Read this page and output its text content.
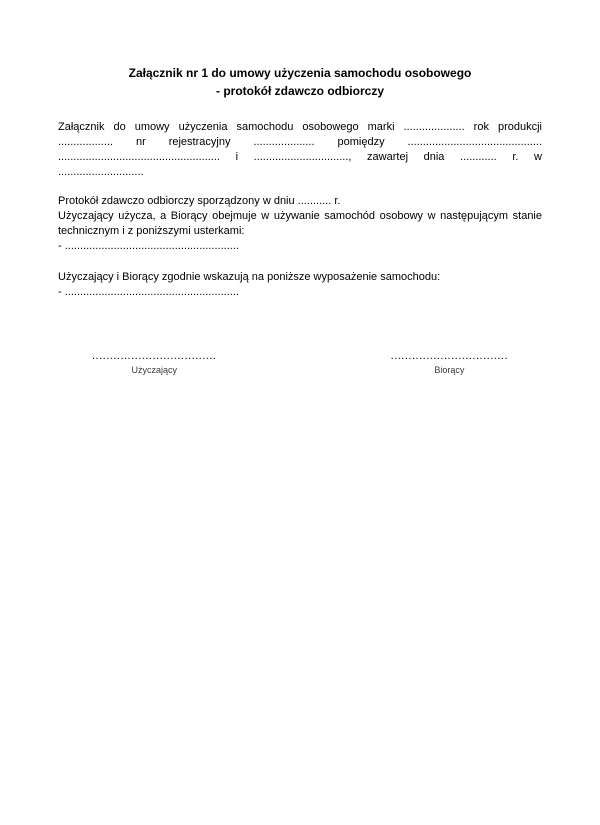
Załącznik nr 1 do umowy użyczenia samochodu osobowego
- protokół zdawczo odbiorczy

Załącznik do umowy użyczenia samochodu osobowego marki .................... rok produkcji .................. nr rejestracyjny .................... pomiędzy ............................................ ..................................................... i ..............................., zawartej dnia ............ r. w ............................

Protokół zdawczo odbiorczy sporządzony w dniu ........... r.

Użyczający użycza, a Biorący obejmuje w używanie samochód osobowy w następującym stanie technicznym i z poniższymi usterkami:

- .........................................................

Użyczający i Biorący zgodnie wskazują na poniższe wyposażenie samochodu:

- .........................................................

...................................
Użyczający
.................................
Biorący
